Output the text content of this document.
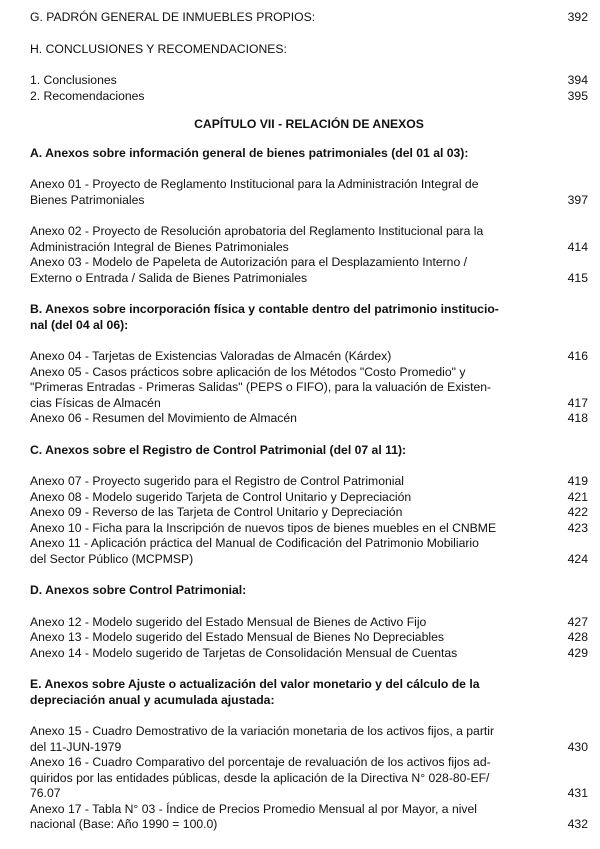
G. PADRÓN GENERAL DE INMUEBLES PROPIOS:	392
H. CONCLUSIONES Y RECOMENDACIONES:
1. Conclusiones	394
2. Recomendaciones	395
CAPÍTULO VII - RELACIÓN DE ANEXOS
A. Anexos sobre información general de bienes patrimoniales (del 01 al 03):
Anexo 01 - Proyecto de Reglamento Institucional para la Administración Integral de
Bienes Patrimoniales	397
Anexo 02 - Proyecto de Resolución aprobatoria del Reglamento Institucional para la
Administración Integral de Bienes Patrimoniales	414
Anexo 03 - Modelo de Papeleta de Autorización para el Desplazamiento Interno /
Externo o Entrada / Salida de Bienes Patrimoniales	415
B. Anexos sobre incorporación física y contable dentro del patrimonio institucio-
nal (del 04 al 06):
Anexo 04 - Tarjetas de Existencias Valoradas de Almacén (Kárdex)	416
Anexo 05 - Casos prácticos sobre aplicación de los Métodos "Costo Promedio" y
"Primeras Entradas - Primeras Salidas" (PEPS o FIFO), para la valuación de Existen-
cias Físicas de Almacén	417
Anexo 06 - Resumen del Movimiento de Almacén	418
C. Anexos sobre el Registro de Control Patrimonial (del 07 al 11):
Anexo 07 - Proyecto sugerido para el Registro de Control Patrimonial	419
Anexo 08 - Modelo sugerido Tarjeta de Control Unitario y Depreciación	421
Anexo 09 - Reverso de las Tarjeta de Control Unitario y Depreciación	422
Anexo 10 - Ficha para la Inscripción de nuevos tipos de bienes muebles en el CNBME	423
Anexo 11 - Aplicación práctica del Manual de Codificación del Patrimonio Mobiliario
del Sector Público (MCPMSP)	424
D. Anexos sobre Control Patrimonial:
Anexo 12 - Modelo sugerido del Estado Mensual de Bienes de Activo Fijo	427
Anexo 13 - Modelo sugerido del Estado Mensual de Bienes No Depreciables	428
Anexo 14 - Modelo sugerido de Tarjetas de Consolidación Mensual de Cuentas	429
E. Anexos sobre Ajuste o actualización del valor monetario y del cálculo de la
depreciación anual y acumulada ajustada:
Anexo 15 - Cuadro Demostrativo de la variación monetaria de los activos fijos, a partir
del 11-JUN-1979	430
Anexo 16 - Cuadro Comparativo del porcentaje de revaluación de los activos fijos ad-
quiridos por las entidades públicas, desde la aplicación de la Directiva N° 028-80-EF/
76.07	431
Anexo 17 - Tabla N° 03 - Índice de Precios Promedio Mensual al por Mayor, a nivel
nacional (Base: Año 1990 = 100.0)	432
